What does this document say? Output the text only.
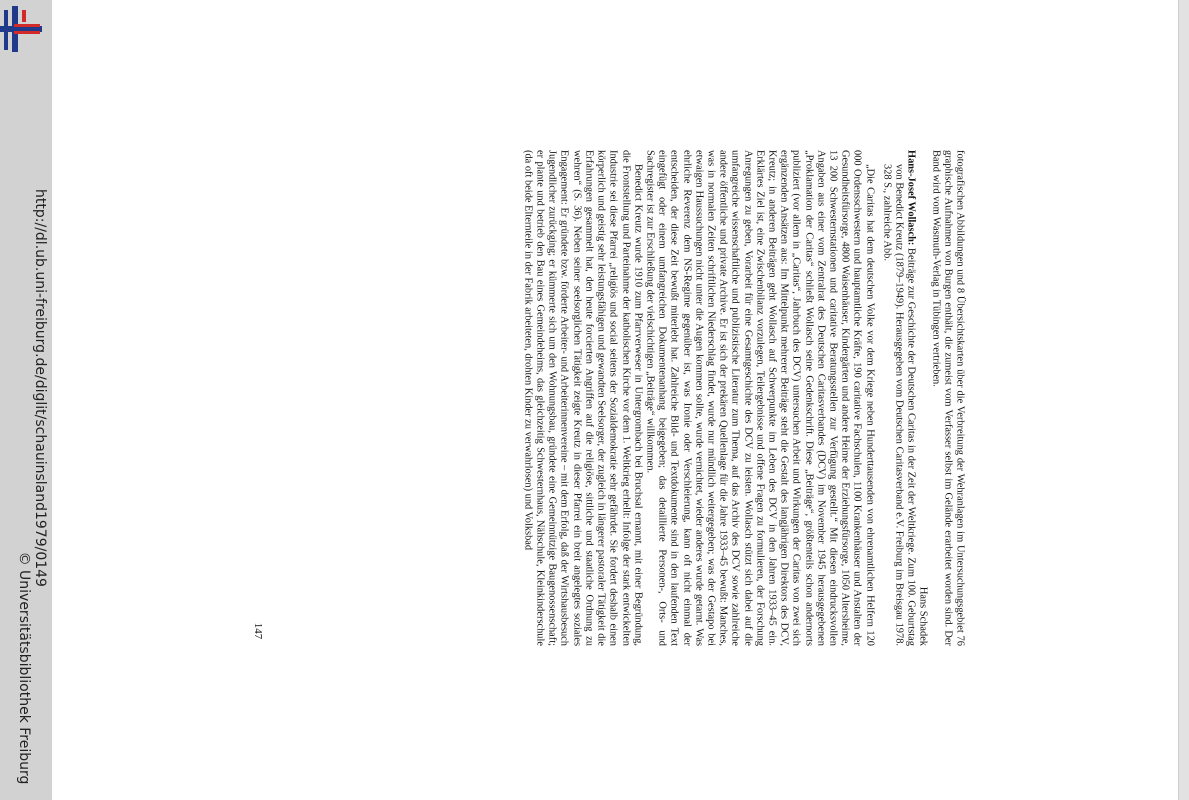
http://dl.ub.uni-freiburg.de/diglit/schauinsland1979/0149
© Universitätsbibliothek Freiburg

fotografischen Abbildungen und 8 Übersichtskarten über die Verbreitung der Wehranlagen im Untersuchungsgebiet 76 graphische Aufnahmen von Burgen enthält, die zumeist vom Verfasser selbst im Gelände erarbeitet worden sind. Der Band wird vom Wasmuth-Verlag in Tübingen vertrieben.

Hans Schadek

Hans-Josef Wollasch: Beiträge zur Geschichte der Deutschen Caritas in der Zeit der Weltkriege. Zum 100. Geburtstag von Benedict Kreutz (1879–1949). Herausgegeben vom Deutschen Caritasverband e.V. Freiburg im Breisgau 1978. 328 S., zahlreiche Abb.

„Die Caritas hat dem deutschen Volke vor dem Kriege neben Hunderttausenden von ehrenamtlichen Helfern 120 000 Ordensschwestern und hauptamtliche Kräfte, 190 caritative Fachschulen, 1100 Krankenhäuser und Anstalten der Gesundheitsfürsorge, 4800 Waisenhäuser, Kindergärten und andere Heime der Erziehungsfürsorge, 1050 Altersheime, 13 200 Schwesternstationen und caritative Beratungsstellen zur Verfügung gestellt.“ Mit diesen eindrucksvollen Angaben aus einer vom Zentralrat des Deutschen Caritasverbandes (DCV) im November 1945 herausgegebenen „Proklamation der Caritas“ schließt Wollasch seine Gedenkschrift. Diese „Beiträge“, größtenteils schon andernorts publiziert (vor allem in „Caritas“, Jahrbuch des DCV) untersuchen Arbeit und Wirkungen der Caritas von zwei sich ergänzenden Ansätzen aus: Im Mittelpunkt mehrerer Beiträge steht die Gestalt des langjährigen Direktors des DCV, Kreutz; in anderen Beiträgen geht Wollasch auf Schwerpunkte im Leben des DCV in den Jahren 1933–45 ein. Erklärtes Ziel ist, eine Zwischenbilanz vorzulegen, Teilergebnisse und offene Fragen zu formulieren, der Forschung Anregungen zu geben, Vorarbeit für eine Gesamtgeschichte des DCV zu leisten. Wollasch stützt sich dabei auf die umfangreiche wissenschaftliche und publizistische Literatur zum Thema, auf das Archiv des DCV sowie zahlreiche andere öffentliche und private Archive. Er ist sich der prekären Quellenlage für die Jahre 1933–45 bewußt: Manches, was in normalen Zeiten schriftlichen Niederschlag findet, wurde nur mündlich weitergegeben; was der Gestapo bei etwaigen Haussuchungen nicht unter die Augen kommen sollte, wurde vernichtet, wieder anderes wurde getarnt. Was ehrliche Reverenz dem NS-Regime gegenüber ist, was Ironie oder Verschleierung, kann oft nicht einmal der entscheiden, der diese Zeit bewußt miterlebt hat. Zahlreiche Bild- und Textdokumente sind in den laufenden Text eingefügt oder einem umfangreichen Dokumentenanhang beigegeben; das detaillierte Personen-, Orts- und Sachregister ist zur Erschließung der vielschichtigen „Beiträge“ willkommen.

Benedict Kreutz wurde 1910 zum Pfarrverweser in Untergrombach bei Bruchsal ernannt, mit einer Begründung, die Frontstellung und Parteinahme der katholischen Kirche vor dem 1. Weltkrieg erhellt: Infolge der stark entwickelten Industrie sei diese Pfarrei „religiös und social seitens der Sozialdemokratie sehr gefährdet. Sie fordert deshalb einen körperlich und geistig sehr leistungsfähigen und gewandten Seelsorger, der zugleich in längerer pastoraler Tätigkeit die Erfahrungen gesammelt hat, den heute forcierten Angriffen auf die religiöse, sittliche und staatliche Ordnung zu wehren“ (S. 36). Neben seiner seelsorglichen Tätigkeit zeigte Kreutz in dieser Pfarrei ein breit angelegtes soziales Engagement: Er gründete bzw. förderte Arbeiter- und Arbeiterinnenvereine – mit dem Erfolg, daß der Wirtshausbesuch Jugendlicher zurückging; er kümmerte sich um den Wohnungsbau, gründete eine Gemeinnützige Baugenossenschaft; er plante und betrieb den Bau eines Gemeindeheims, das gleichzeitig Schwesternhaus, Nähschule, Kleinkinderschule (da oft beide Elternteile in der Fabrik arbeiteten, drohten Kinder zu verwahrlosen) und Volksbad

147
